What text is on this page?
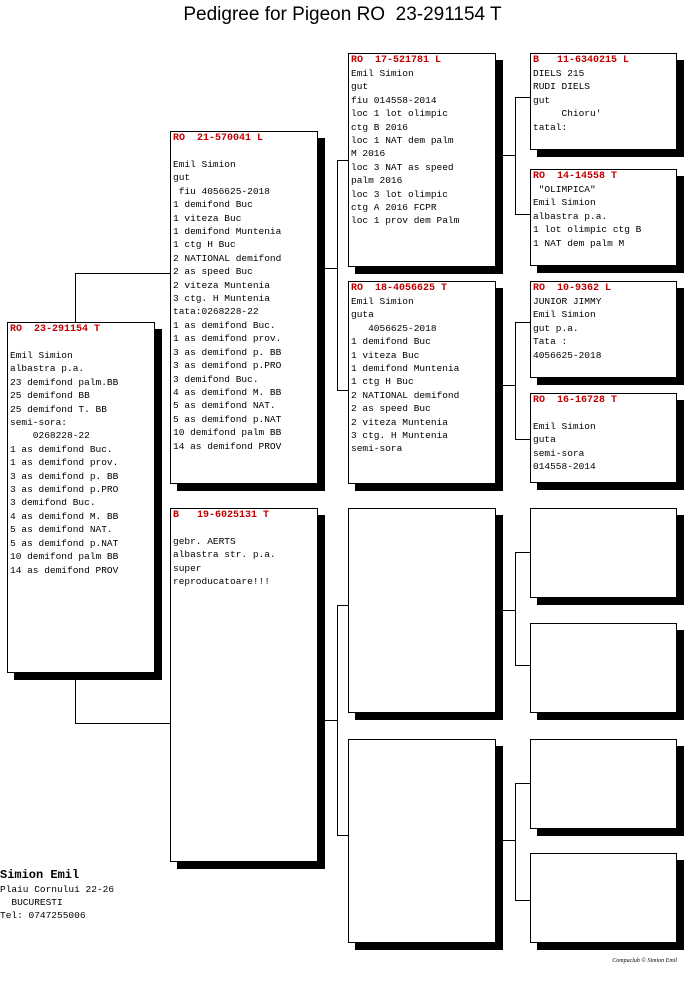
Pedigree for Pigeon RO  23-291154 T
RO  23-291154 T
Emil Simion
albastra p.a.
23 demifond palm.BB
25 demifond BB
25 demifond T. BB
semi-sora:
0268228-22
1 as demifond Buc.
1 as demifond prov.
3 as demifond p. BB
3 as demifond p.PRO
3 demifond Buc.
4 as demifond M. BB
5 as demifond NAT.
5 as demifond p.NAT
10 demifond palm BB
14 as demifond PROV
RO  21-570041 L
Emil Simion
gut
fiu 4056625-2018
1 demifond Buc
1 viteza Buc
1 demifond Muntenia
1 ctg H Buc
2 NATIONAL demifond
2 as speed Buc
2 viteza Muntenia
3 ctg. H Muntenia
tata:0268228-22
1 as demifond Buc.
1 as demifond prov.
3 as demifond p. BB
3 as demifond p.PRO
3 demifond Buc.
4 as demifond M. BB
5 as demifond NAT.
5 as demifond p.NAT
10 demifond palm BB
14 as demifond PROV
B   19-6025131 T
gebr. AERTS
albastra str. p.a.
super
reproducatoare!!!
RO  17-521781 L
Emil Simion
gut
fiu 014558-2014
loc 1 lot olimpic
ctg B 2016
loc 1 NAT dem palm
M 2016
loc 3 NAT as speed
palm 2016
loc 3 lot olimpic
ctg A 2016 FCPR
loc 1 prov dem Palm
RO  18-4056625 T
Emil Simion
guta
4056625-2018
1 demifond Buc
1 viteza Buc
1 demifond Muntenia
1 ctg H Buc
2 NATIONAL demifond
2 as speed Buc
2 viteza Muntenia
3 ctg. H Muntenia
semi-sora
B   11-6340215 L
DIELS 215
RUDI DIELS
gut
Chioru'
tatal:
RO  14-14558 T
"OLIMPICA"
Emil Simion
albastra p.a.
1 lot olimpic ctg B
1 NAT dem palm M
RO  10-9362 L
JUNIOR JIMMY
Emil Simion
gut p.a.
Tata :
4056625-2018
RO  16-16728 T
Emil Simion
guta
semi-sora
014558-2014
Simion Emil
Plaiu Cornului 22-26
BUCURESTI
Tel: 0747255006
Compuclub © Simion Emil
